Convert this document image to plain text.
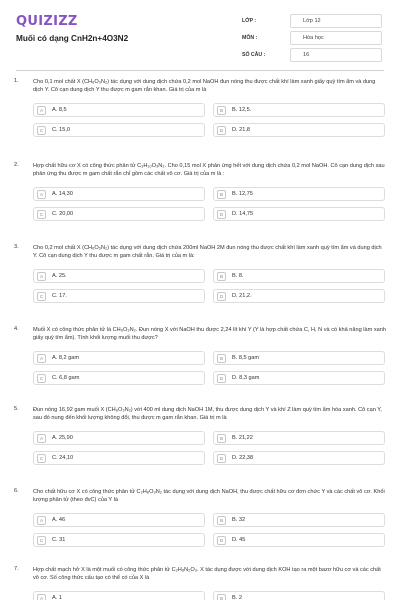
QUIZIZZ
Muối có dạng CnH2n+4O3N2
LỚP :	Lớp 12
MÔN :	Hóa học
SỐ CÂU :	16
1.	Cho 0,1 mol chất X (CH₆O₃N₂) tác dụng với dung dịch chứa 0,2 mol NaOH đun nóng thu được chất khí làm xanh giấy quỳ tím ẩm và dung dịch Y. Cô cạn dung dịch Y thu được m gam rắn khan. Giá trị của m là
A	A. 8,5	B	B. 12,5.
C	C. 15,0	D	D. 21,8
2.	Hợp chất hữu cơ X có công thức phân tử C₃H₁₀O₃N₂. Cho 0,15 mol X phản ứng hết với dung dịch chứa 0,2 mol NaOH. Cô cạn dung dịch sau phản ứng thu được m gam chất rắn chỉ gồm các chất vô cơ. Giá trị của m là :
A	A. 14,30	B	B. 12,75
C	C. 20,00	D	D. 14,75
3.	Cho 0,2 mol chất X (CH₆O₃N₂) tác dụng với dung dịch chứa 200ml NaOH 2M đun nóng thu được chất khí làm xanh quỳ tím ẩm và dung dịch Y. Cô cạn dung dịch Y thu được m gam chất rắn. Giá trị của m là:
A	A. 25.	B	B. 8.
C	C. 17.	D	D. 21,2.
4.	Muối X có công thức phân tử là CH₆O₃N₂. Đun nóng X với NaOH thu được 2,24 lít khí Y (Y là hợp chất chứa C, H, N và có khả năng làm xanh giấy quỳ tím ẩm). Tính khối lượng muối thu được?
A	A. 8,2 gam	B	B. 8,5 gam
C	C. 6,8 gam	D	D. 8,3 gam
5.	Đun nóng 16,92 gam muối X (CH₆O₃N₂) với 400 ml dung dịch NaOH 1M, thu được dung dịch Y và khí Z làm quỳ tím ẩm hóa xanh. Cô cạn Y, sau đó nung đến khối lượng không đổi, thu được m gam rắn khan. Giá trị m là
A	A. 25,90	B	B. 21,22
C	C. 24,10	D	D. 22,38
6.	Cho chất hữu cơ X có công thức phân tử C₂H₈O₃N₂ tác dụng với dung dịch NaOH, thu được chất hữu cơ đơn chức Y và các chất vô cơ. Khối lượng phân tử (theo đvC) của Y là
A	A. 46	B	B. 32
C	C. 31	D	D. 45
7.	Hợp chất mạch hở X là một muối có công thức phân tử C₂H₈N₂O₃. X tác dụng được với dung dịch KOH tạo ra một bazơ hữu cơ và các chất vô cơ. Số công thức cấu tạo có thể có của X là
A	A. 1	B	B. 2
